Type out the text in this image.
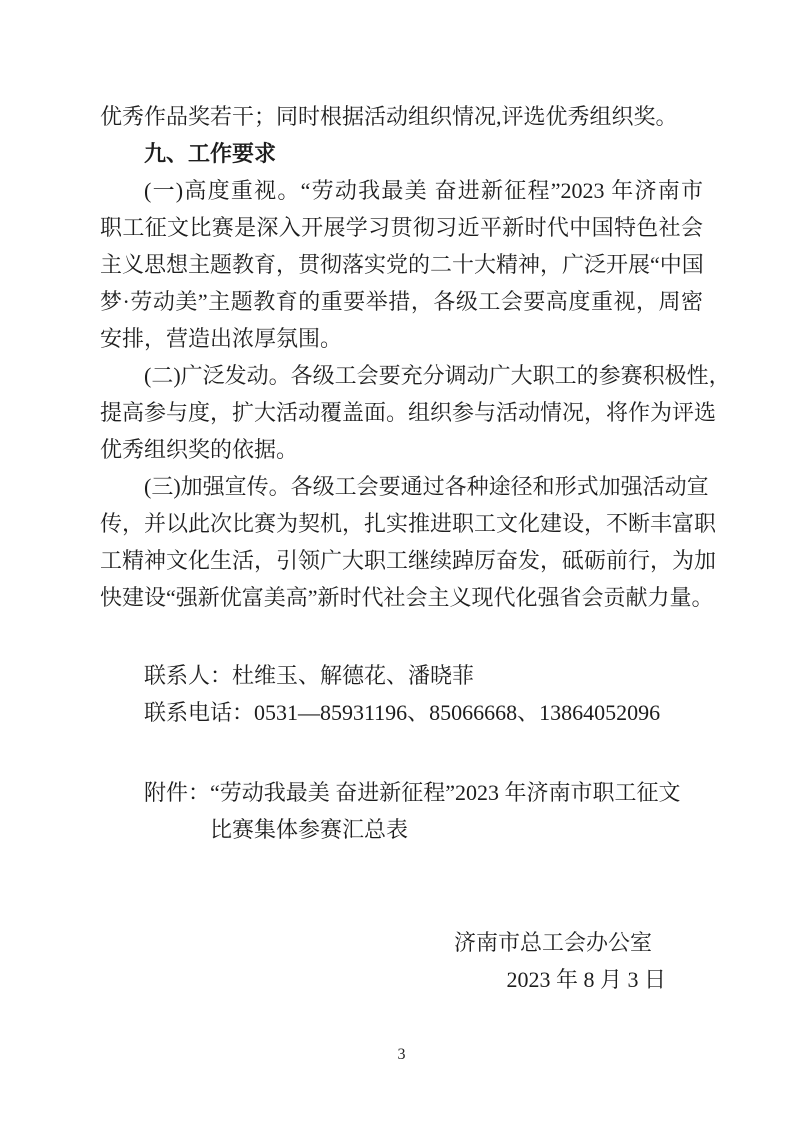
优秀作品奖若干；同时根据活动组织情况,评选优秀组织奖。
九、工作要求
(一)高度重视。“劳动我最美 奋进新征程”2023 年济南市
职工征文比赛是深入开展学习贯彻习近平新时代中国特色社会
主义思想主题教育，贯彻落实党的二十大精神，广泛开展“中国
梦·劳动美”主题教育的重要举措，各级工会要高度重视，周密
安排，营造出浓厚氛围。
(二)广泛发动。各级工会要充分调动广大职工的参赛积极性，
提高参与度，扩大活动覆盖面。组织参与活动情况，将作为评选
优秀组织奖的依据。
(三)加强宣传。各级工会要通过各种途径和形式加强活动宣
传，并以此次比赛为契机，扎实推进职工文化建设，不断丰富职
工精神文化生活，引领广大职工继续踔厉奋发，砥砺前行，为加
快建设“强新优富美高”新时代社会主义现代化强省会贡献力量。
联系人：杜维玉、解德花、潘晓菲
联系电话：0531—85931196、85066668、13864052096
附件： “劳动我最美 奋进新征程”2023 年济南市职工征文
比赛集体参赛汇总表
济南市总工会办公室
2023 年 8 月 3 日
3
